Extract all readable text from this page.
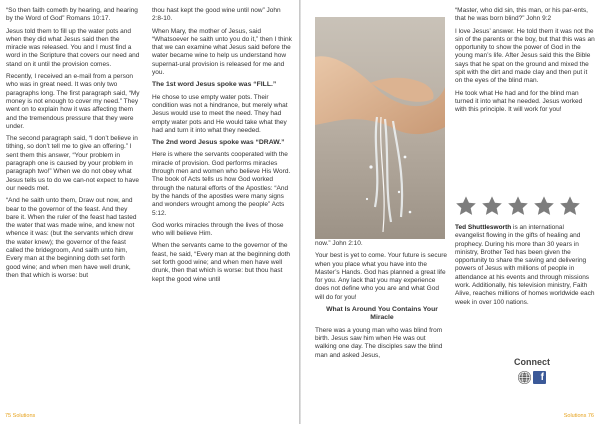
“So then faith cometh by hearing, and hearing by the Word of God” Romans 10:17.

Jesus told them to fill up the water pots and when they did what Jesus said then the miracle was released. You and I must find a word in the Scripture that covers our need and stand on it until the provision comes.

Recently, I received an e-mail from a person who was in great need. It was only two paragraphs long. The first paragraph said, “My money is not enough to cover my need.” They went on to explain how it was affecting them and the tremendous pressure that they were under.

The second paragraph said, “I don’t believe in tithing, so don’t tell me to give an offering.” I sent them this answer, “Your problem in paragraph one is caused by your problem in paragraph two!” When we do not obey what Jesus tells us to do we can-not expect to have our needs met.

“And he saith unto them, Draw out now, and bear to the governor of the feast. And they bare it. When the ruler of the feast had tasted the water that was made wine, and knew not whence it was: (but the servants which drew the water knew); the governor of the feast called the bridegroom, And saith unto him, Every man at the beginning doth set forth good wine; and when men have well drunk, then that which is worse: but

thou hast kept the good wine until now” John 2:8-10.

When Mary, the mother of Jesus, said “Whatsoever he saith unto you do it,” then I think that we can examine what Jesus said before the water became wine to help us understand how supernat-ural provision is released for me and you.

The 1st word Jesus spoke was “FILL.”

He chose to use empty water pots. Their condition was not a hindrance, but merely what Jesus would use to meet the need. They had empty water pots and He would take what they had and turn it into what they needed.

The 2nd word Jesus spoke was “DRAW.”

Here is where the servants cooperated with the miracle of provision. God performs miracles through men and women who believe His Word. The book of Acts tells us how God worked through the natural efforts of the Apostles: “And by the hands of the apostles were many signs and wonders wrought among the people” Acts 5:12.

God works miracles through the lives of those who will believe Him.

When the servants came to the governor of the feast, he said, “Every man at the beginning doth set forth good wine; and when men have well drunk, then that which is worse: but thou hast kept the good wine until

75 Solutions

now.” John 2:10.

Your best is yet to come. Your future is secure when you place what you have into the Master’s Hands. God has planned a great life for you. Any lack that you may experience does not define who you are and what God will do for you!

What Is Around You Contains Your Miracle

There was a young man who was blind from birth. Jesus saw him when He was out walking one day. The disciples saw the blind man and asked Jesus,

“Master, who did sin, this man, or his par-ents, that he was born blind?” John 9:2

I love Jesus’ answer. He told them it was not the sin of the parents or the boy, but that this was an opportunity to show the power of God in the young man’s life. After Jesus said this the Bible says that he spat on the ground and mixed the spit with the dirt and made clay and then put it on the eyes of the blind man.

He took what He had and for the blind man turned it into what he needed. Jesus worked with this principle. It will work for you!

Ted Shuttlesworth is an international evangelist flowing in the gifts of healing and prophecy. During his more than 30 years in ministry, Brother Ted has been given the opportunity to share the saving and delivering powers of Jesus with millions of people in attendance at his events and through missions work. Additionally, his television ministry, Faith Alive, reaches millions of homes worldwide each week in over 100 nations.
Connect
f
Solutions 76
